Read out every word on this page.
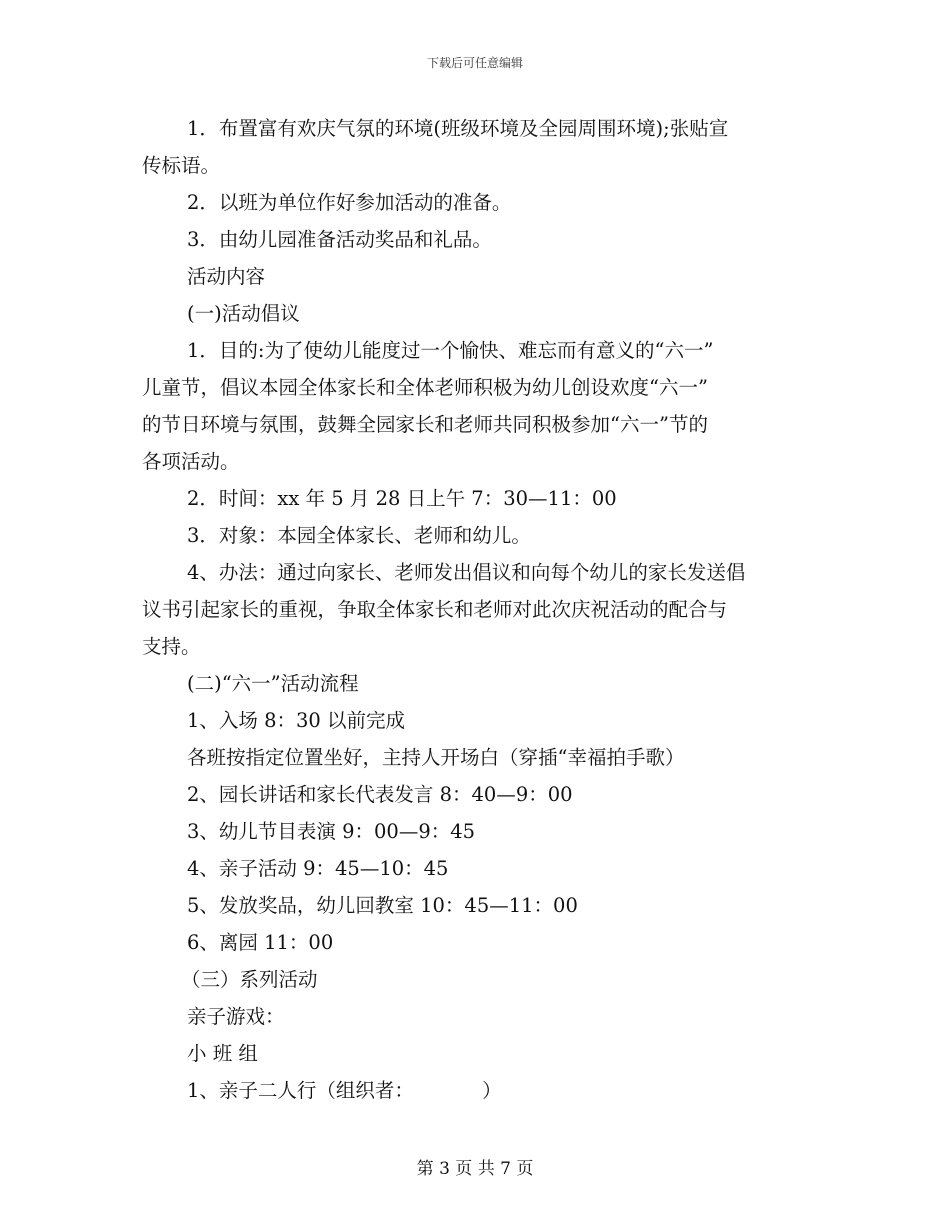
下载后可任意编辑
1．布置富有欢庆气氛的环境(班级环境及全园周围环境);张贴宣
传标语。
2．以班为单位作好参加活动的准备。
3．由幼儿园准备活动奖品和礼品。
活动内容
(一)活动倡议
1．目的:为了使幼儿能度过一个愉快、难忘而有意义的“六一”
儿童节，倡议本园全体家长和全体老师积极为幼儿创设欢度“六一”
的节日环境与氛围，鼓舞全园家长和老师共同积极参加“六一”节的
各项活动。
2．时间：xx 年 5 月 28 日上午 7：30—11：00
3．对象：本园全体家长、老师和幼儿。
4、办法：通过向家长、老师发出倡议和向每个幼儿的家长发送倡
议书引起家长的重视，争取全体家长和老师对此次庆祝活动的配合与
支持。
(二)“六一”活动流程
1、入场 8：30 以前完成
各班按指定位置坐好，主持人开场白（穿插“幸福拍手歌）
2、园长讲话和家长代表发言 8：40—9：00
3、幼儿节目表演 9：00—9：45
4、亲子活动 9：45—10：45
5、发放奖品，幼儿回教室 10：45—11：00
6、离园 11：00
（三）系列活动
亲子游戏：
小 班 组
1、亲子二人行（组织者：           ）
第 3 页 共 7 页
